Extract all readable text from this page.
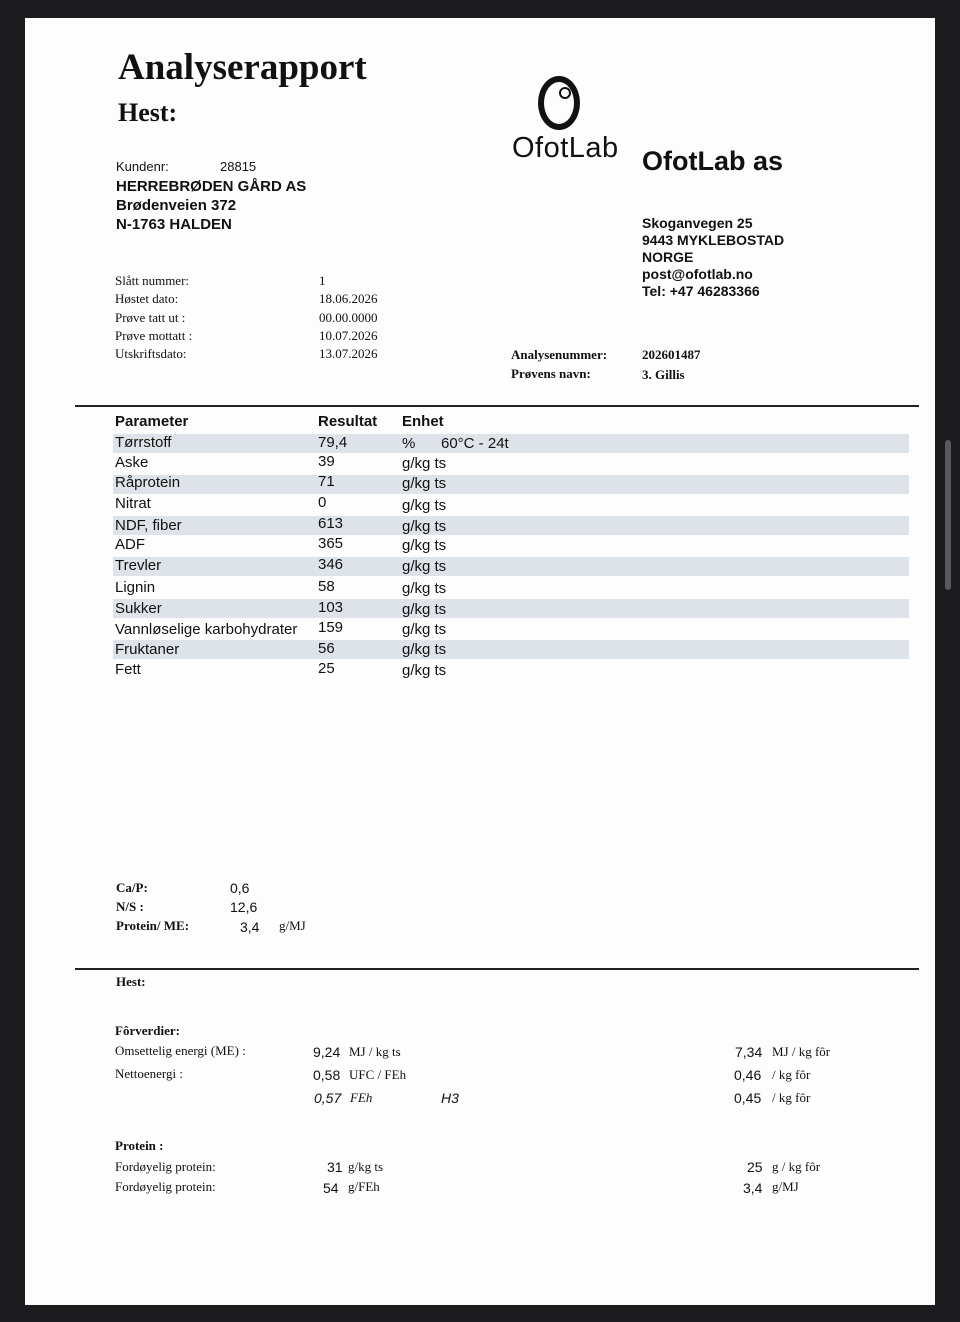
Analyserapport
Hest:
OfotLab OfotLab as
Skoganvegen 25
9443 MYKLEBOSTAD
NORGE
post@ofotlab.no
Tel: +47 46283366
Kundenr:	28815
HERREBRØDEN GÅRD AS
Brødenveien 372
N-1763 HALDEN
Slått nummer:	1
Høstet dato:	18.06.2026
Prøve tatt ut :	00.00.0000
Prøve mottatt :	10.07.2026
Utskriftsdato:	13.07.2026	Analysenummer:	202601487
Prøvens navn:	3. Gillis
Parameter	Resultat Enhet
Tørrstoff	79,4	% 60°C - 24t
Aske	39	g/kg ts
Råprotein	71	g/kg ts
Nitrat	0	g/kg ts
NDF, fiber	613	g/kg ts
ADF	365	g/kg ts
Trevler	346	g/kg ts
Lignin	58	g/kg ts
Sukker	103	g/kg ts
Vannløselige karbohydrater 159	g/kg ts
Fruktaner	56	g/kg ts
Fett	25	g/kg ts
Ca/P:	0,6
N/S :	12,6
Protein/ ME:	3,4 g/MJ
Hest:
Fôrverdier:
Omsettelig energi (ME) :	9,24 MJ / kg ts	7,34 MJ / kg fôr
Nettoenergi :	0,58 UFC / FEh	0,46 / kg fôr
0,57 FEh	H3	0,45 / kg fôr
Protein :
Fordøyelig protein:	31 g/kg ts	25 g / kg fôr
Fordøyelig protein:	54 g/FEh	3,4 g/MJ
